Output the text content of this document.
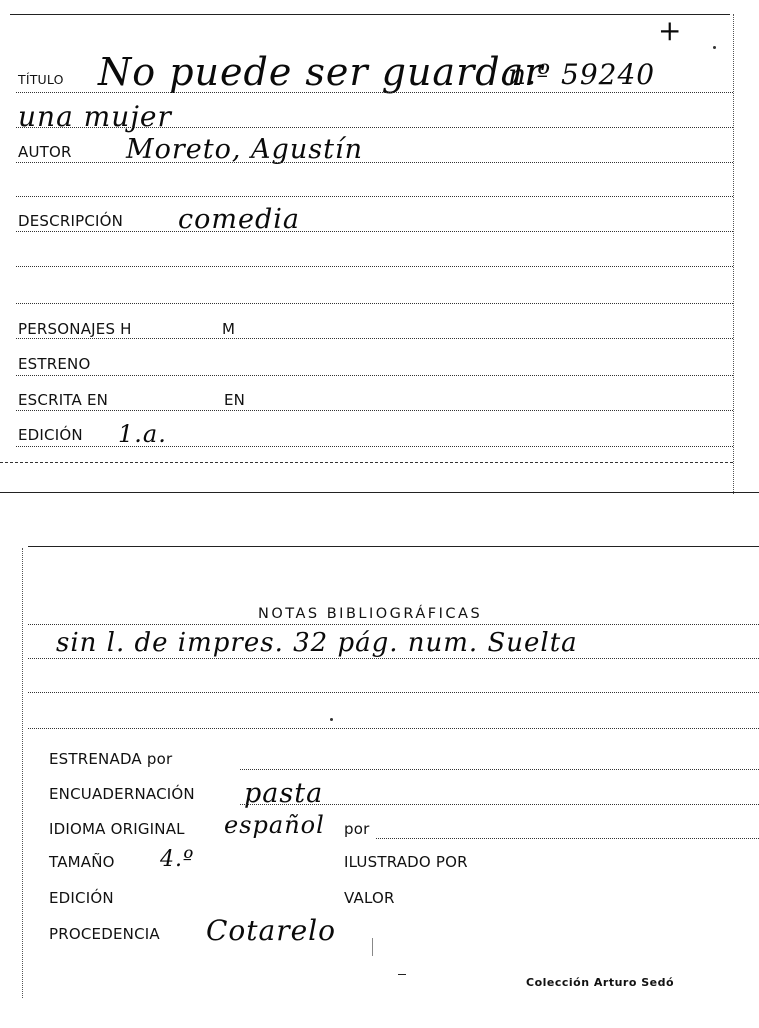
+
TÍTULO No puede ser guardar
n.º 59240
una mujer
AUTOR Moreto, Agustín
DESCRIPCIÓN comedia
PERSONAJES H	M
ESTRENO
ESCRITA EN	EN
EDICIÓN 1.a.
NOTAS BIBLIOGRÁFICAS
sin l. de impres. 32 pág. num. Suelta
ESTRENADA por
ENCUADERNACIÓN pasta
IDIOMA ORIGINAL español por
TAMAÑO 4.º	ILUSTRADO POR
EDICIÓN	VALOR
PROCEDENCIA Cotarelo
Colección Arturo Sedó
